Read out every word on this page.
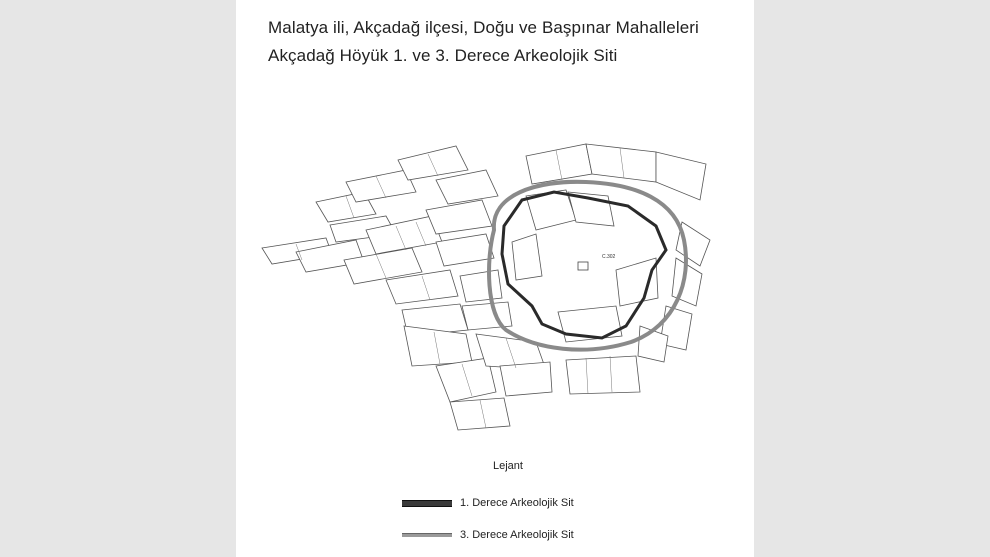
Malatya ili, Akçadağ ilçesi, Doğu ve Başpınar Mahalleleri
Akçadağ Höyük 1. ve 3. Derece Arkeolojik Siti
C.302
Lejant
1. Derece Arkeolojik Sit
3. Derece Arkeolojik Sit
